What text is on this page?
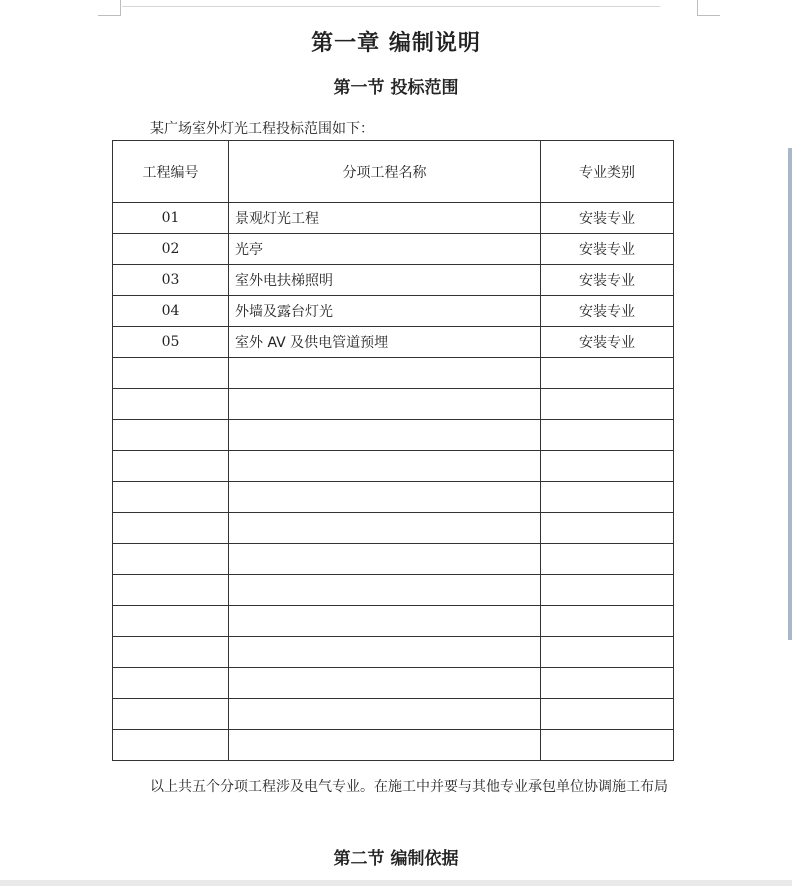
第一章 编制说明
第一节 投标范围
某广场室外灯光工程投标范围如下：
工程编号	分项工程名称	专业类别
01	景观灯光工程	安装专业
02	光亭	安装专业
03	室外电扶梯照明	安装专业
04	外墙及露台灯光	安装专业
05	室外 AV 及供电管道预埋	安装专业

以上共五个分项工程涉及电气专业。在施工中并要与其他专业承包单位协调施工布局
第二节 编制依据
